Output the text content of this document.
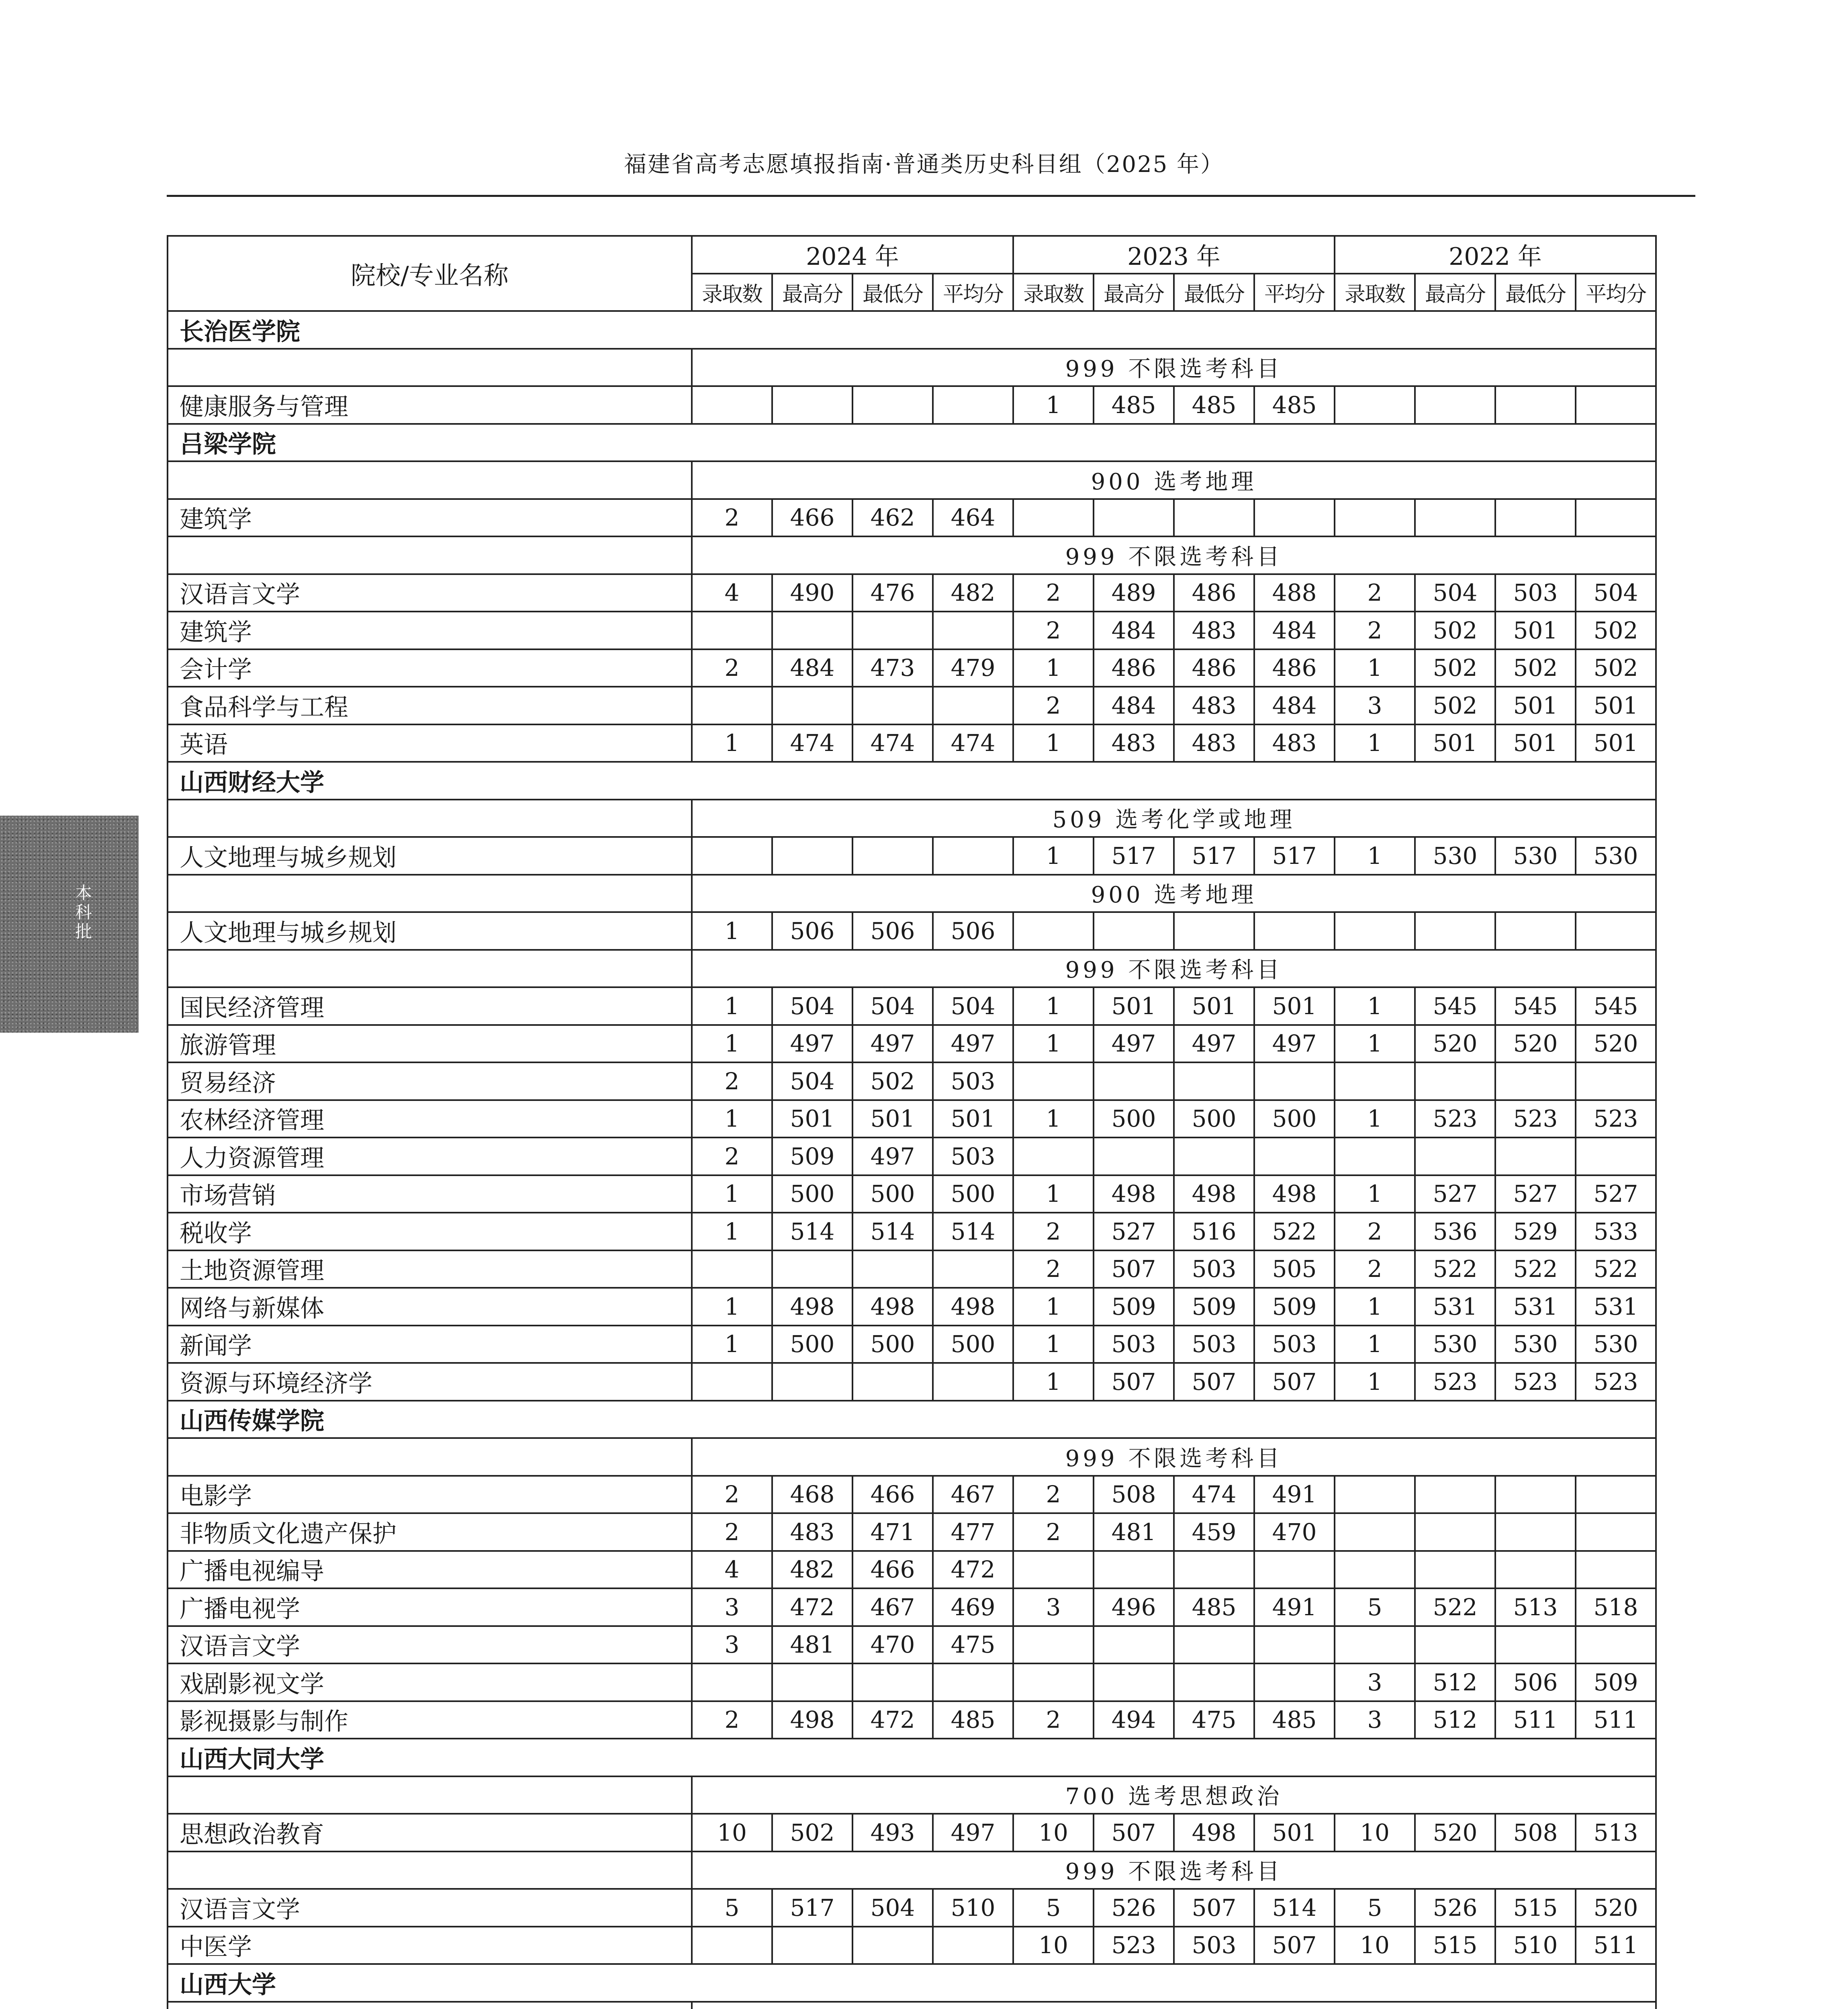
福建省高考志愿填报指南·普通类历史科目组（2025 年）
本科批
院校/专业名称	2024 年				2023 年				2022 年			
	录取数	最高分	最低分	平均分	录取数	最高分	最低分	平均分	录取数	最高分	最低分	平均分
长治医学院												
	999 不限选考科目											
健康服务与管理					1	485	485	485				
吕梁学院												
	900 选考地理											
建筑学	2	466	462	464								
	999 不限选考科目											
汉语言文学	4	490	476	482	2	489	486	488	2	504	503	504
建筑学					2	484	483	484	2	502	501	502
会计学	2	484	473	479	1	486	486	486	1	502	502	502
食品科学与工程					2	484	483	484	3	502	501	501
英语	1	474	474	474	1	483	483	483	1	501	501	501
山西财经大学												
	509 选考化学或地理											
人文地理与城乡规划					1	517	517	517	1	530	530	530
	900 选考地理											
人文地理与城乡规划	1	506	506	506								
	999 不限选考科目											
国民经济管理	1	504	504	504	1	501	501	501	1	545	545	545
旅游管理	1	497	497	497	1	497	497	497	1	520	520	520
贸易经济	2	504	502	503								
农林经济管理	1	501	501	501	1	500	500	500	1	523	523	523
人力资源管理	2	509	497	503								
市场营销	1	500	500	500	1	498	498	498	1	527	527	527
税收学	1	514	514	514	2	527	516	522	2	536	529	533
土地资源管理					2	507	503	505	2	522	522	522
网络与新媒体	1	498	498	498	1	509	509	509	1	531	531	531
新闻学	1	500	500	500	1	503	503	503	1	530	530	530
资源与环境经济学					1	507	507	507	1	523	523	523
山西传媒学院												
	999 不限选考科目											
电影学	2	468	466	467	2	508	474	491				
非物质文化遗产保护	2	483	471	477	2	481	459	470				
广播电视编导	4	482	466	472								
广播电视学	3	472	467	469	3	496	485	491	5	522	513	518
汉语言文学	3	481	470	475								
戏剧影视文学									3	512	506	509
影视摄影与制作	2	498	472	485	2	494	475	485	3	512	511	511
山西大同大学												
	700 选考思想政治											
思想政治教育	10	502	493	497	10	507	498	501	10	520	508	513
	999 不限选考科目											
汉语言文学	5	517	504	510	5	526	507	514	5	526	515	520
中医学					10	523	503	507	10	515	510	511
山西大学												
